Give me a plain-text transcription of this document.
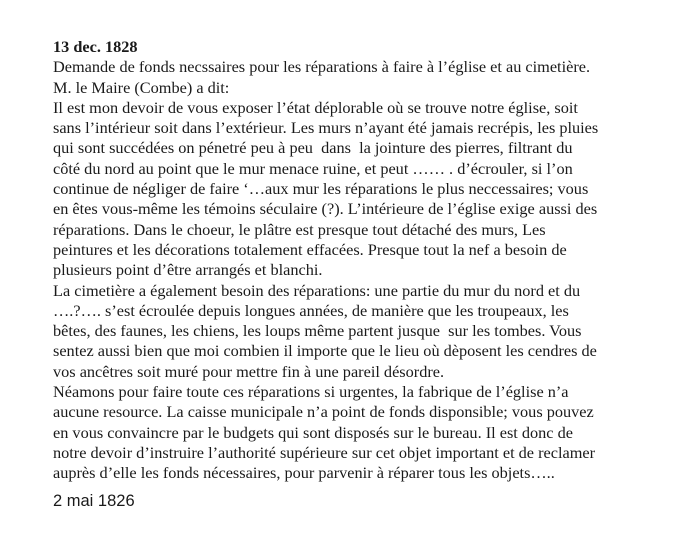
13 dec. 1828
Demande de fonds necssaires pour les réparations à faire à l’église et au cimetière.
M. le Maire (Combe) a dit:
Il est mon devoir de vous exposer l’état déplorable où se trouve notre église, soit
sans l’intérieur soit dans l’extérieur. Les murs n’ayant été jamais recrépis, les pluies
qui sont succédées on pénetré peu à peu  dans  la jointure des pierres, filtrant du
côté du nord au point que le mur menace ruine, et peut …… . d’écrouler, si l’on
continue de négliger de faire ‘…aux mur les réparations le plus neccessaires; vous
en êtes vous-même les témoins séculaire (?). L’intérieure de l’église exige aussi des
réparations. Dans le choeur, le plâtre est presque tout détaché des murs, Les
peintures et les décorations totalement effacées. Presque tout la nef a besoin de
plusieurs point d’être arrangés et blanchi.
La cimetière a également besoin des réparations: une partie du mur du nord et du
….?…. s’est écroulée depuis longues années, de manière que les troupeaux, les
bêtes, des faunes, les chiens, les loups même partent jusque  sur les tombes. Vous
sentez aussi bien que moi combien il importe que le lieu où dèposent les cendres de
vos ancêtres soit muré pour mettre fin à une pareil désordre.
Néamons pour faire toute ces réparations si urgentes, la fabrique de l’église n’a
aucune resource. La caisse municipale n’a point de fonds disponsible; vous pouvez
en vous convaincre par le budgets qui sont disposés sur le bureau. Il est donc de
notre devoir d’instruire l’authorité supérieure sur cet objet important et de reclamer
auprès d’elle les fonds nécessaires, pour parvenir à réparer tous les objets…..
2 mai 1826
